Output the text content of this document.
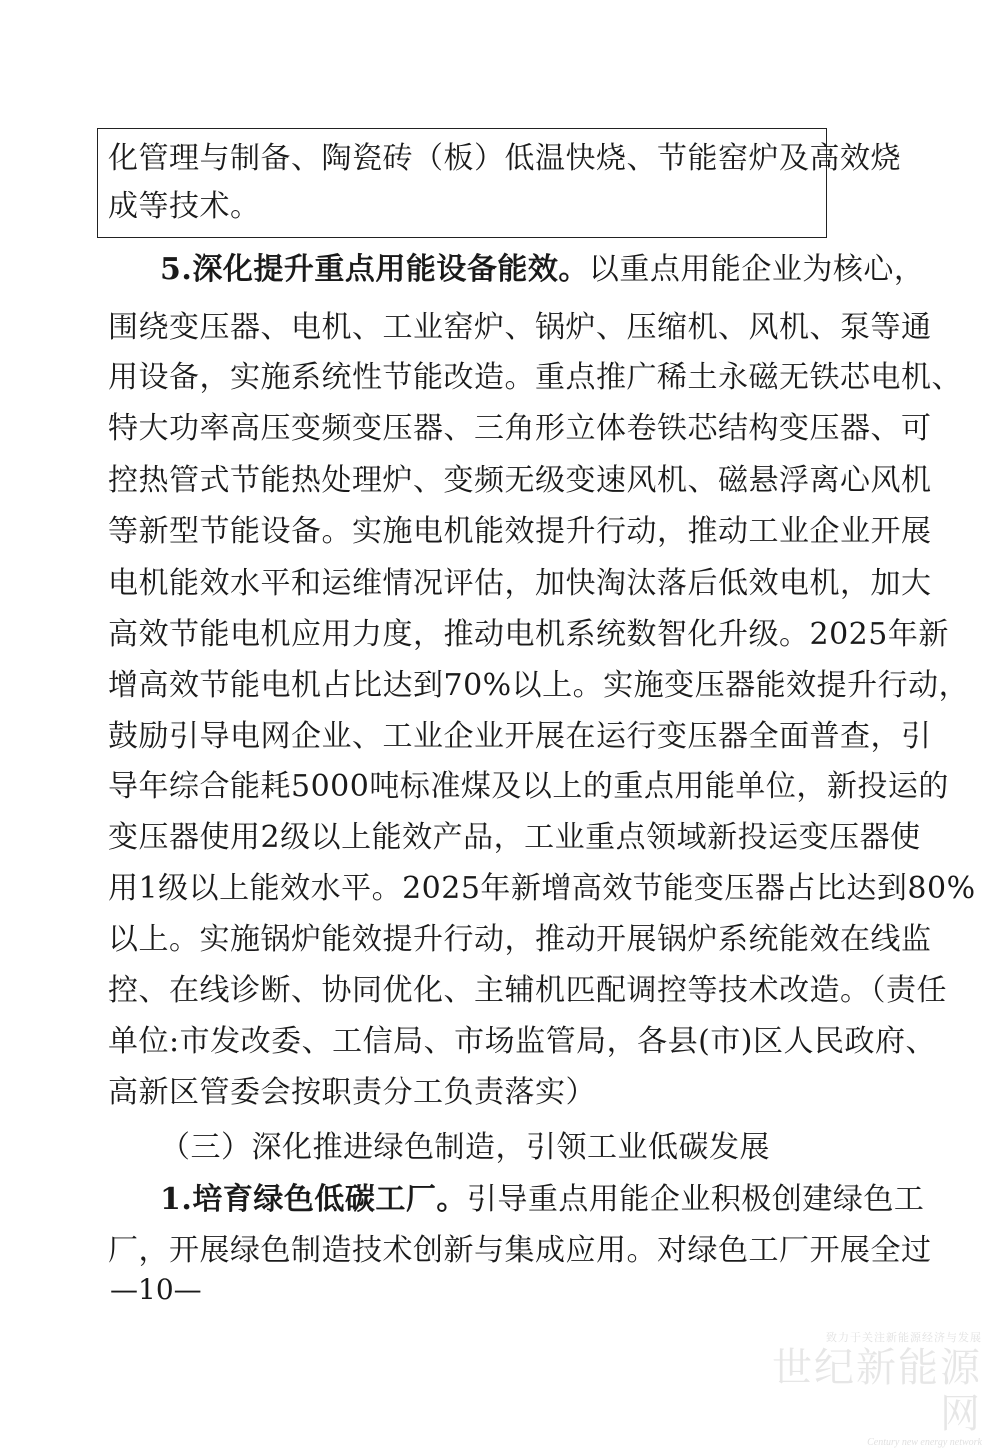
化管理与制备、陶瓷砖（板）低温快烧、节能窑炉及高效烧
成等技术。
5.深化提升重点用能设备能效。以重点用能企业为核心，
围绕变压器、电机、工业窑炉、锅炉、压缩机、风机、泵等通
用设备，实施系统性节能改造。重点推广稀土永磁无铁芯电机、
特大功率高压变频变压器、三角形立体卷铁芯结构变压器、可
控热管式节能热处理炉、变频无级变速风机、磁悬浮离心风机
等新型节能设备。实施电机能效提升行动，推动工业企业开展
电机能效水平和运维情况评估，加快淘汰落后低效电机，加大
高效节能电机应用力度，推动电机系统数智化升级。2025年新
增高效节能电机占比达到70%以上。实施变压器能效提升行动，
鼓励引导电网企业、工业企业开展在运行变压器全面普查，引
导年综合能耗5000吨标准煤及以上的重点用能单位，新投运的
变压器使用2级以上能效产品，工业重点领域新投运变压器使
用1级以上能效水平。2025年新增高效节能变压器占比达到80%
以上。实施锅炉能效提升行动，推动开展锅炉系统能效在线监
控、在线诊断、协同优化、主辅机匹配调控等技术改造。（责任
单位:市发改委、工信局、市场监管局，各县(市)区人民政府、
高新区管委会按职责分工负责落实）
（三）深化推进绿色制造，引领工业低碳发展
1.培育绿色低碳工厂。引导重点用能企业积极创建绿色工
厂，开展绿色制造技术创新与集成应用。对绿色工厂开展全过
—10—
致力于关注新能源经济与发展
世纪新能源网
Century new energy network
